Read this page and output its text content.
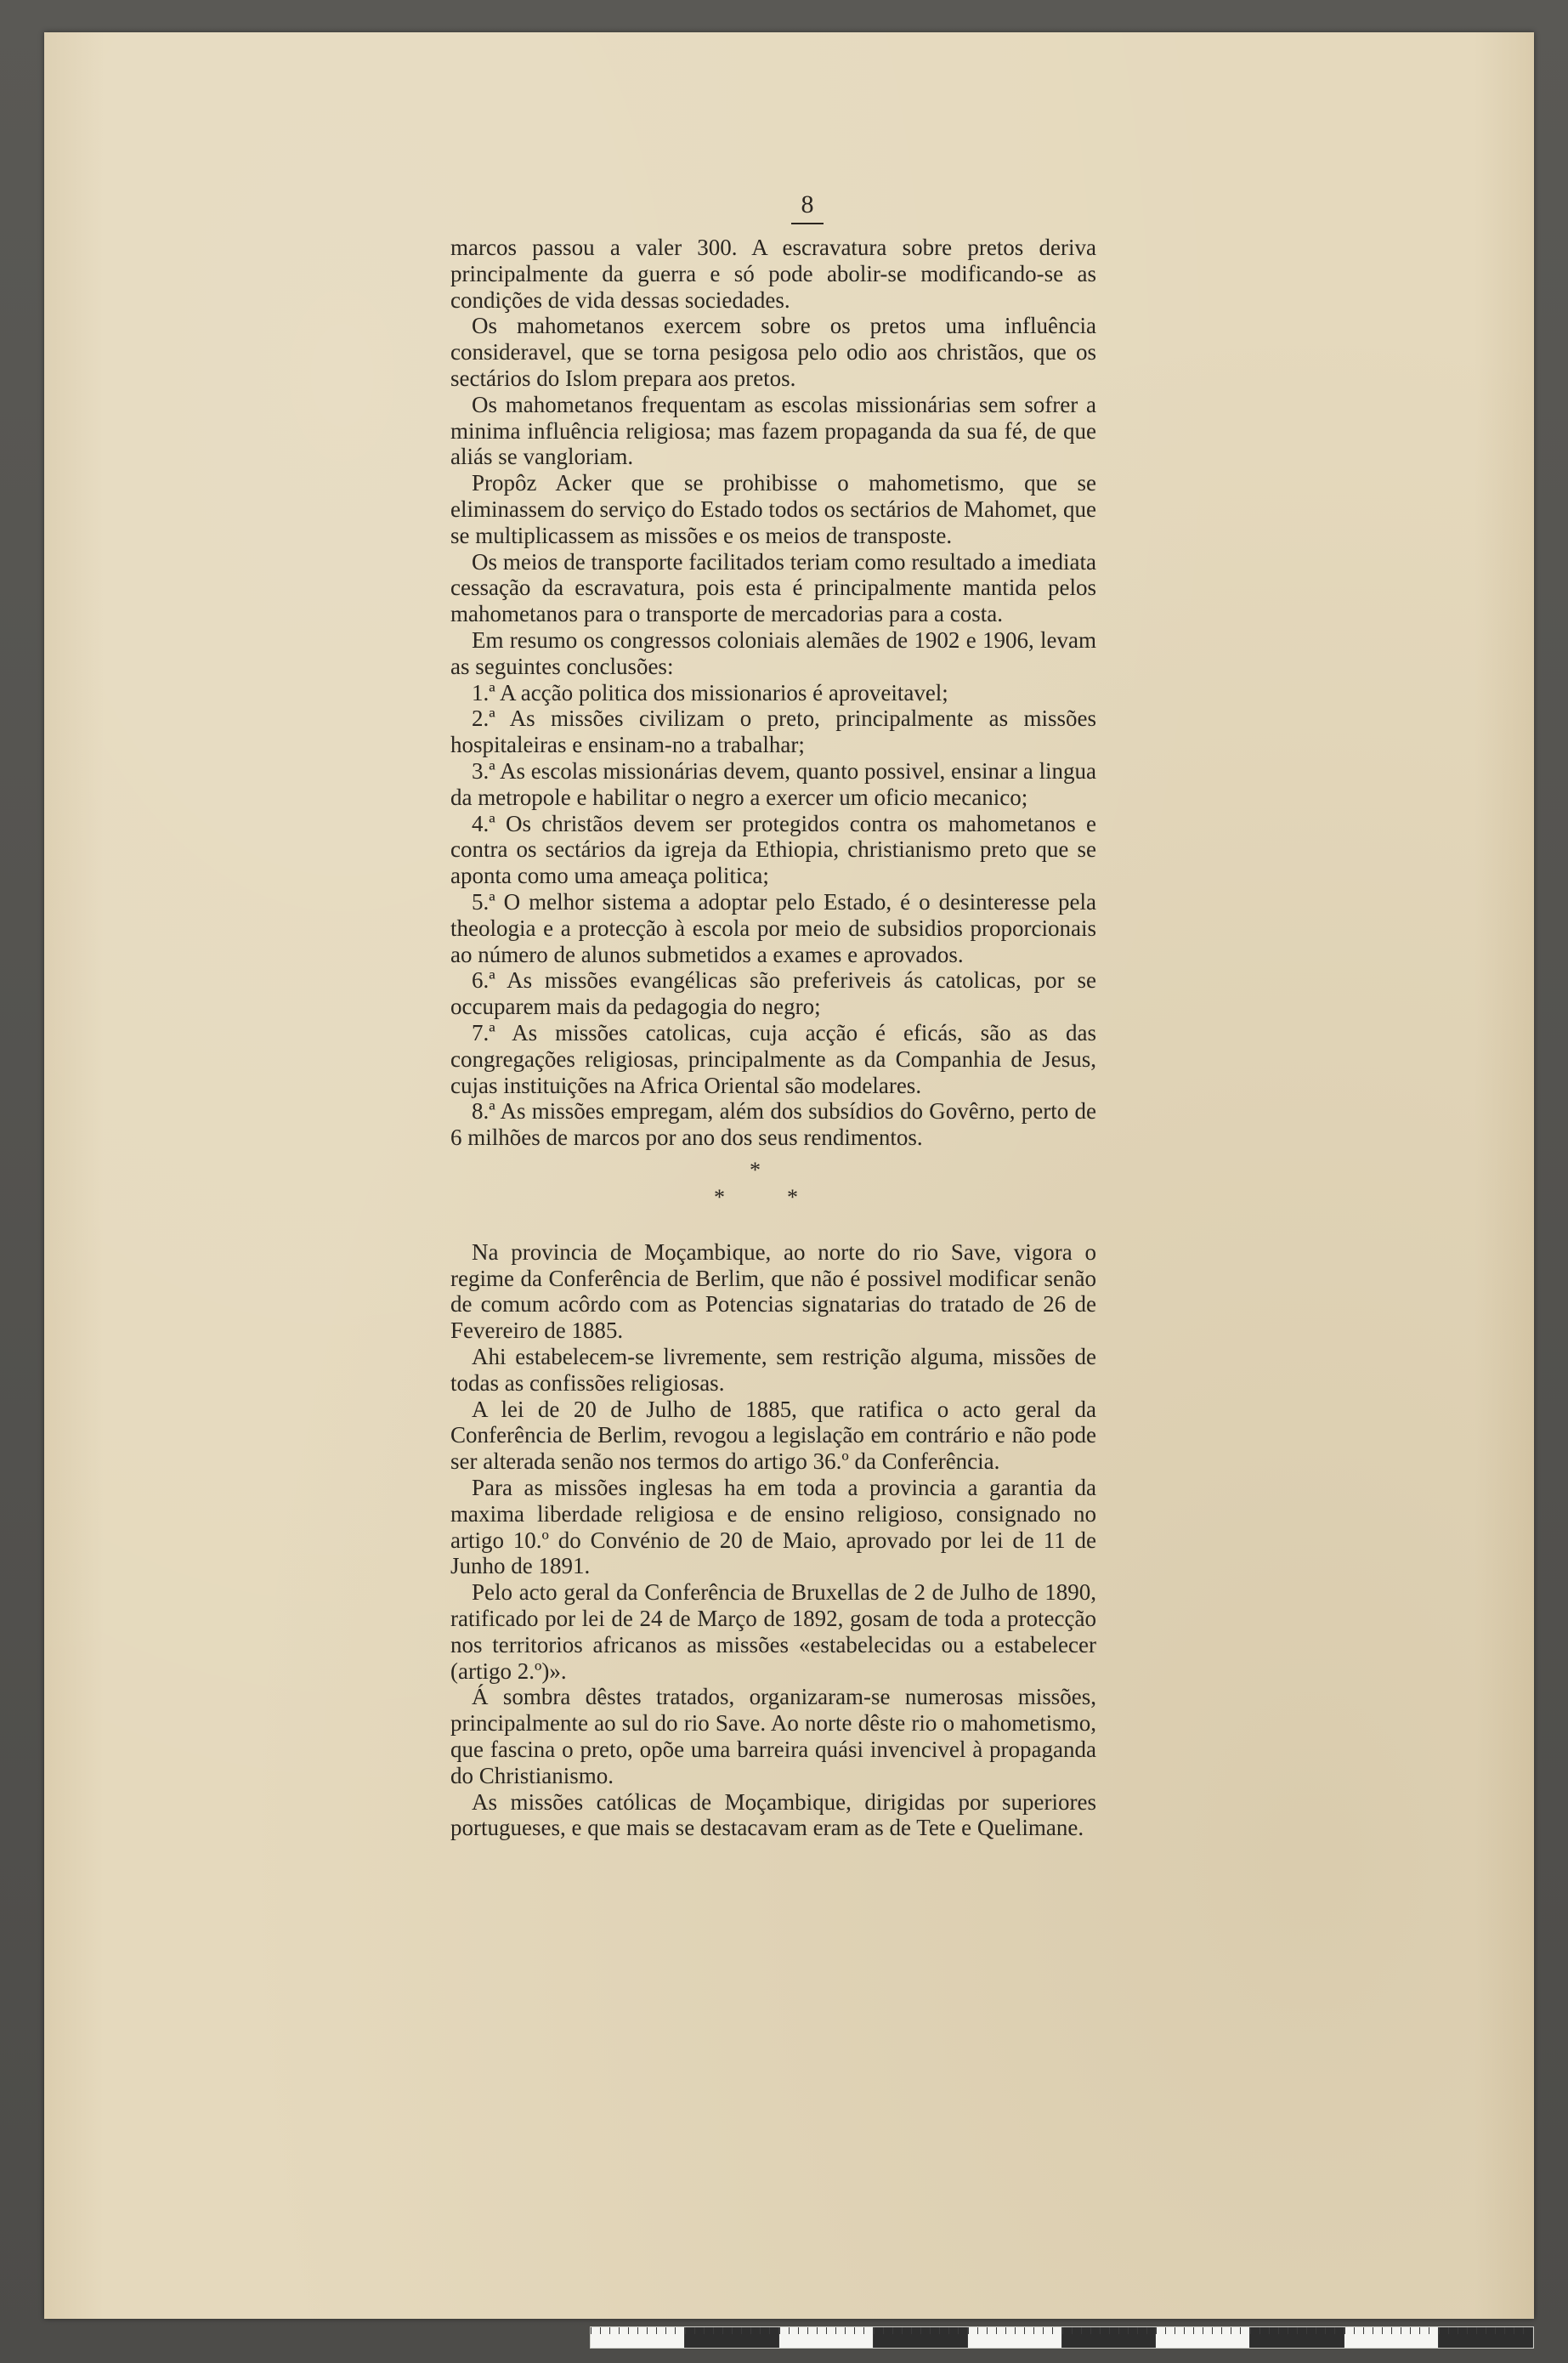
8

marcos passou a valer 300. A escravatura sobre pretos deriva principalmente da guerra e só pode abolir-se modificando-se as condições de vida dessas sociedades.

Os mahometanos exercem sobre os pretos uma influência consideravel, que se torna pesigosa pelo odio aos christãos, que os sectários do Islom prepara aos pretos.

Os mahometanos frequentam as escolas missionárias sem sofrer a minima influência religiosa; mas fazem propaganda da sua fé, de que aliás se vangloriam.

Propôz Acker que se prohibisse o mahometismo, que se eliminassem do serviço do Estado todos os sectários de Mahomet, que se multiplicassem as missões e os meios de transposte.

Os meios de transporte facilitados teriam como resultado a imediata cessação da escravatura, pois esta é principalmente mantida pelos mahometanos para o transporte de mercadorias para a costa.

Em resumo os congressos coloniais alemães de 1902 e 1906, levam as seguintes conclusões:

1.ª A acção politica dos missionarios é aproveitavel;

2.ª As missões civilizam o preto, principalmente as missões hospitaleiras e ensinam-no a trabalhar;

3.ª As escolas missionárias devem, quanto possivel, ensinar a lingua da metropole e habilitar o negro a exercer um oficio mecanico;

4.ª Os christãos devem ser protegidos contra os mahometanos e contra os sectários da igreja da Ethiopia, christianismo preto que se aponta como uma ameaça politica;

5.ª O melhor sistema a adoptar pelo Estado, é o desinteresse pela theologia e a protecção à escola por meio de subsidios proporcionais ao número de alunos submetidos a exames e aprovados.

6.ª As missões evangélicas são preferiveis ás catolicas, por se occuparem mais da pedagogia do negro;

7.ª As missões catolicas, cuja acção é eficás, são as das congregações religiosas, principalmente as da Companhia de Jesus, cujas instituições na Africa Oriental são modelares.

8.ª As missões empregam, além dos subsídios do Govêrno, perto de 6 milhões de marcos por ano dos seus rendimentos.

*
*	*

Na provincia de Moçambique, ao norte do rio Save, vigora o regime da Conferência de Berlim, que não é possivel modificar senão de comum acôrdo com as Potencias signatarias do tratado de 26 de Fevereiro de 1885.

Ahi estabelecem-se livremente, sem restrição alguma, missões de todas as confissões religiosas.

A lei de 20 de Julho de 1885, que ratifica o acto geral da Conferência de Berlim, revogou a legislação em contrário e não pode ser alterada senão nos termos do artigo 36.º da Conferência.

Para as missões inglesas ha em toda a provincia a garantia da maxima liberdade religiosa e de ensino religioso, consignado no artigo 10.º do Convénio de 20 de Maio, aprovado por lei de 11 de Junho de 1891.

Pelo acto geral da Conferência de Bruxellas de 2 de Julho de 1890, ratificado por lei de 24 de Março de 1892, gosam de toda a protecção nos territorios africanos as missões «estabelecidas ou a estabelecer (artigo 2.º)».

Á sombra dêstes tratados, organizaram-se numerosas missões, principalmente ao sul do rio Save. Ao norte dêste rio o mahometismo, que fascina o preto, opõe uma barreira quási invencivel à propaganda do Christianismo.

As missões católicas de Moçambique, dirigidas por superiores portugueses, e que mais se destacavam eram as de Tete e Quelimane.
